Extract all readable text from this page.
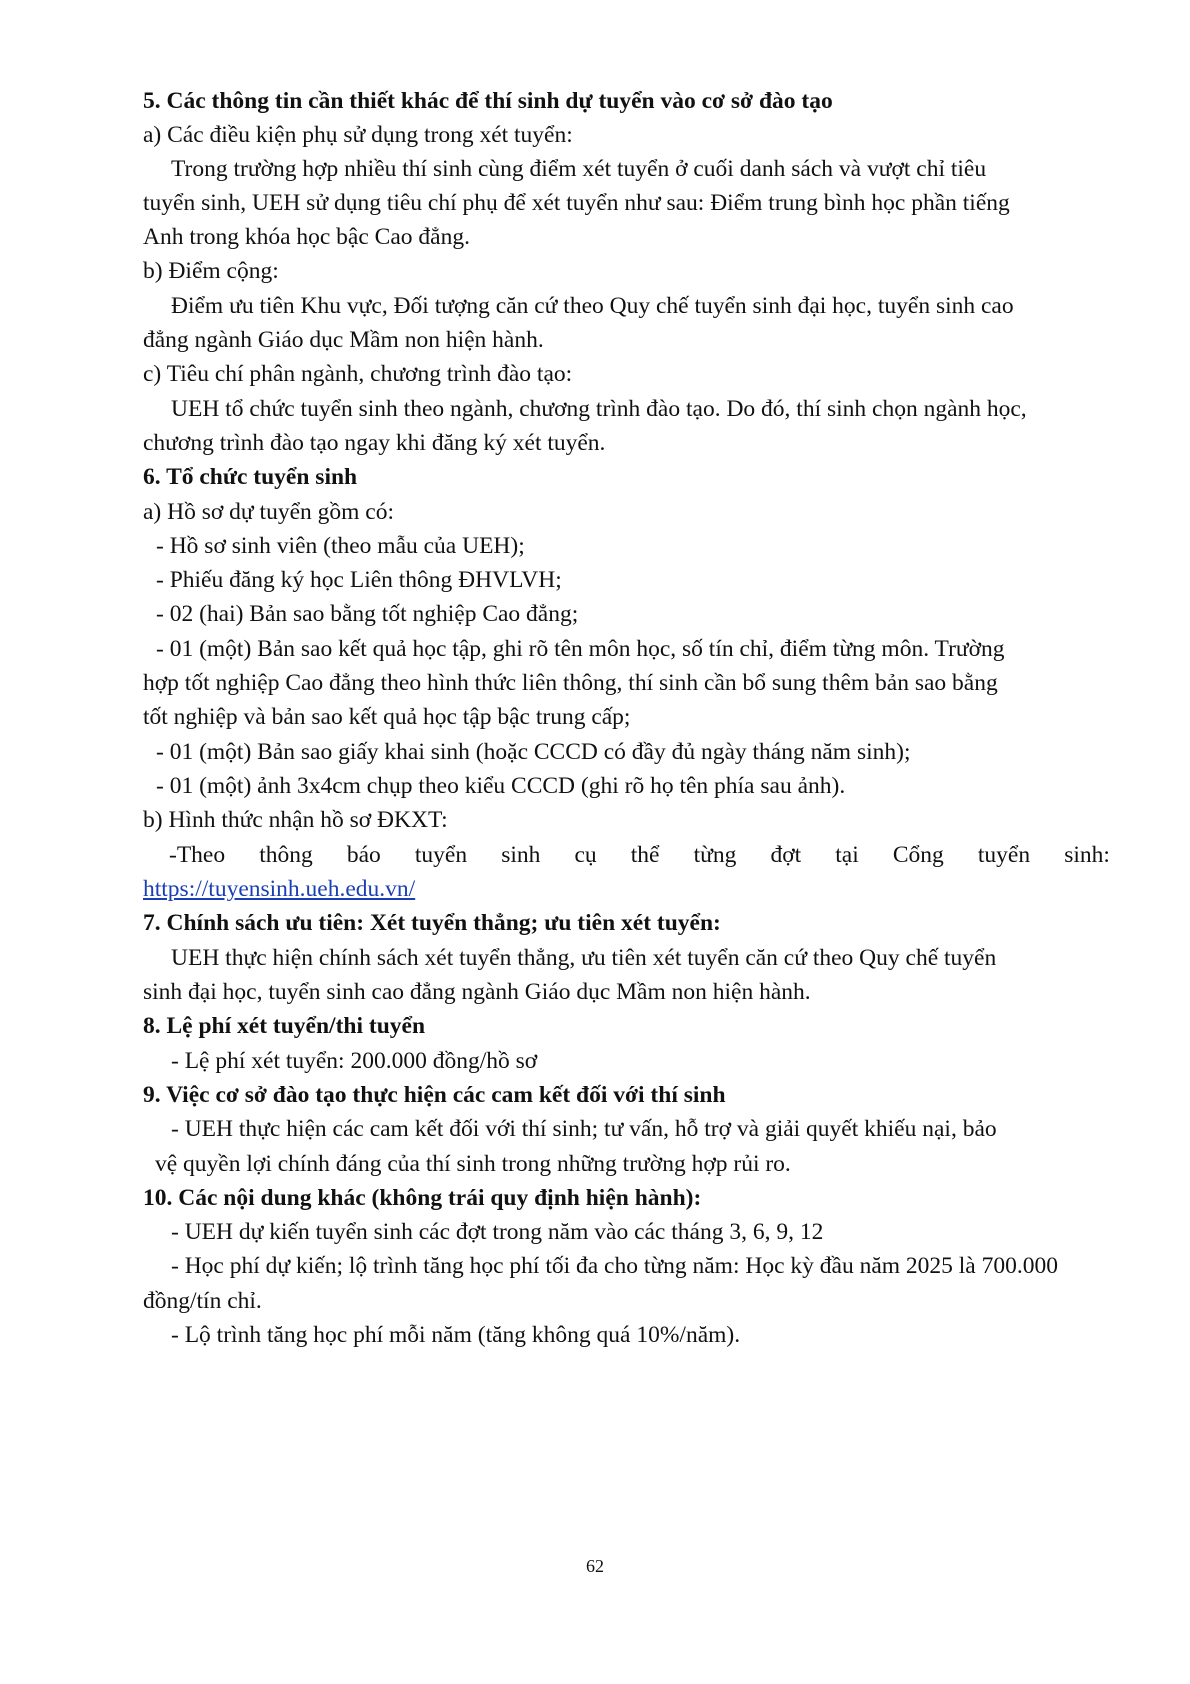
5. Các thông tin cần thiết khác để thí sinh dự tuyển vào cơ sở đào tạo
a) Các điều kiện phụ sử dụng trong xét tuyển:
Trong trường hợp nhiều thí sinh cùng điểm xét tuyển ở cuối danh sách và vượt chỉ tiêu
tuyển sinh, UEH sử dụng tiêu chí phụ để xét tuyển như sau: Điểm trung bình học phần tiếng
Anh trong khóa học bậc Cao đẳng.
b) Điểm cộng:
Điểm ưu tiên Khu vực, Đối tượng căn cứ theo Quy chế tuyển sinh đại học, tuyển sinh cao
đẳng ngành Giáo dục Mầm non hiện hành.
c) Tiêu chí phân ngành, chương trình đào tạo:
UEH tổ chức tuyển sinh theo ngành, chương trình đào tạo. Do đó, thí sinh chọn ngành học,
chương trình đào tạo ngay khi đăng ký xét tuyển.
6. Tổ chức tuyển sinh
a) Hồ sơ dự tuyển gồm có:
- Hồ sơ sinh viên (theo mẫu của UEH);
- Phiếu đăng ký học Liên thông ĐHVLVH;
- 02 (hai) Bản sao bằng tốt nghiệp Cao đẳng;
- 01 (một) Bản sao kết quả học tập, ghi rõ tên môn học, số tín chỉ, điểm từng môn. Trường
hợp tốt nghiệp Cao đẳng theo hình thức liên thông, thí sinh cần bổ sung thêm bản sao bằng
tốt nghiệp và bản sao kết quả học tập bậc trung cấp;
- 01 (một) Bản sao giấy khai sinh (hoặc CCCD có đầy đủ ngày tháng năm sinh);
- 01 (một) ảnh 3x4cm chụp theo kiểu CCCD (ghi rõ họ tên phía sau ảnh).
b) Hình thức nhận hồ sơ ĐKXT:
-Theo thông báo tuyển sinh cụ thể từng đợt tại Cổng tuyển sinh:
https://tuyensinh.ueh.edu.vn/
7. Chính sách ưu tiên: Xét tuyển thẳng; ưu tiên xét tuyển:
UEH thực hiện chính sách xét tuyển thẳng, ưu tiên xét tuyển căn cứ theo Quy chế tuyển
sinh đại học, tuyển sinh cao đẳng ngành Giáo dục Mầm non hiện hành.
8. Lệ phí xét tuyển/thi tuyển
- Lệ phí xét tuyển: 200.000 đồng/hồ sơ
9. Việc cơ sở đào tạo thực hiện các cam kết đối với thí sinh
- UEH thực hiện các cam kết đối với thí sinh; tư vấn, hỗ trợ và giải quyết khiếu nại, bảo
vệ quyền lợi chính đáng của thí sinh trong những trường hợp rủi ro.
10. Các nội dung khác (không trái quy định hiện hành):
- UEH dự kiến tuyển sinh các đợt trong năm vào các tháng 3, 6, 9, 12
- Học phí dự kiến; lộ trình tăng học phí tối đa cho từng năm: Học kỳ đầu năm 2025 là 700.000
đồng/tín chỉ.
- Lộ trình tăng học phí mỗi năm (tăng không quá 10%/năm).
62
